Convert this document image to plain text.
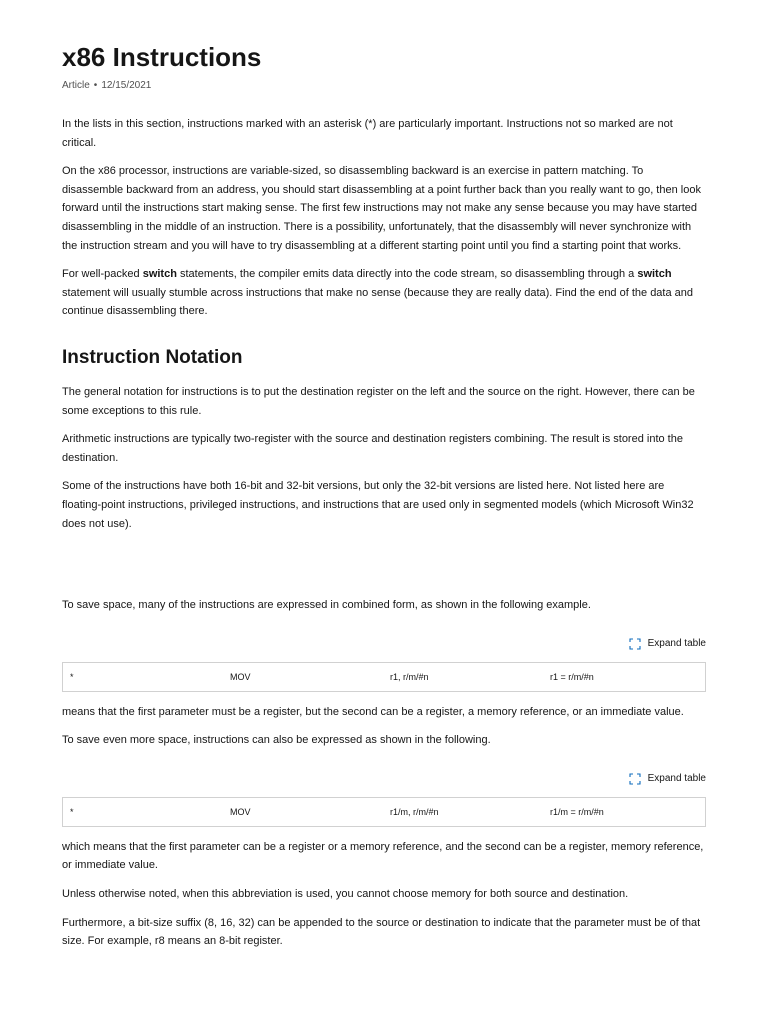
x86 Instructions
Article • 12/15/2021

In the lists in this section, instructions marked with an asterisk (*) are particularly important. Instructions not so marked are not critical.

On the x86 processor, instructions are variable-sized, so disassembling backward is an exercise in pattern matching. To disassemble backward from an address, you should start disassembling at a point further back than you really want to go, then look forward until the instructions start making sense. The first few instructions may not make any sense because you may have started disassembling in the middle of an instruction. There is a possibility, unfortunately, that the disassembly will never synchronize with the instruction stream and you will have to try disassembling at a different starting point until you find a starting point that works.

For well-packed switch statements, the compiler emits data directly into the code stream, so disassembling through a switch statement will usually stumble across instructions that make no sense (because they are really data). Find the end of the data and continue disassembling there.

Instruction Notation

The general notation for instructions is to put the destination register on the left and the source on the right. However, there can be some exceptions to this rule.

Arithmetic instructions are typically two-register with the source and destination registers combining. The result is stored into the destination.

Some of the instructions have both 16-bit and 32-bit versions, but only the 32-bit versions are listed here. Not listed here are floating-point instructions, privileged instructions, and instructions that are used only in segmented models (which Microsoft Win32 does not use).

To save space, many of the instructions are expressed in combined form, as shown in the following example.

Expand table
*	MOV	r1, r/m/#n	r1 = r/m/#n

means that the first parameter must be a register, but the second can be a register, a memory reference, or an immediate value.

To save even more space, instructions can also be expressed as shown in the following.

Expand table
*	MOV	r1/m, r/m/#n	r1/m = r/m/#n

which means that the first parameter can be a register or a memory reference, and the second can be a register, memory reference, or immediate value.

Unless otherwise noted, when this abbreviation is used, you cannot choose memory for both source and destination.

Furthermore, a bit-size suffix (8, 16, 32) can be appended to the source or destination to indicate that the parameter must be of that size. For example, r8 means an 8-bit register.
